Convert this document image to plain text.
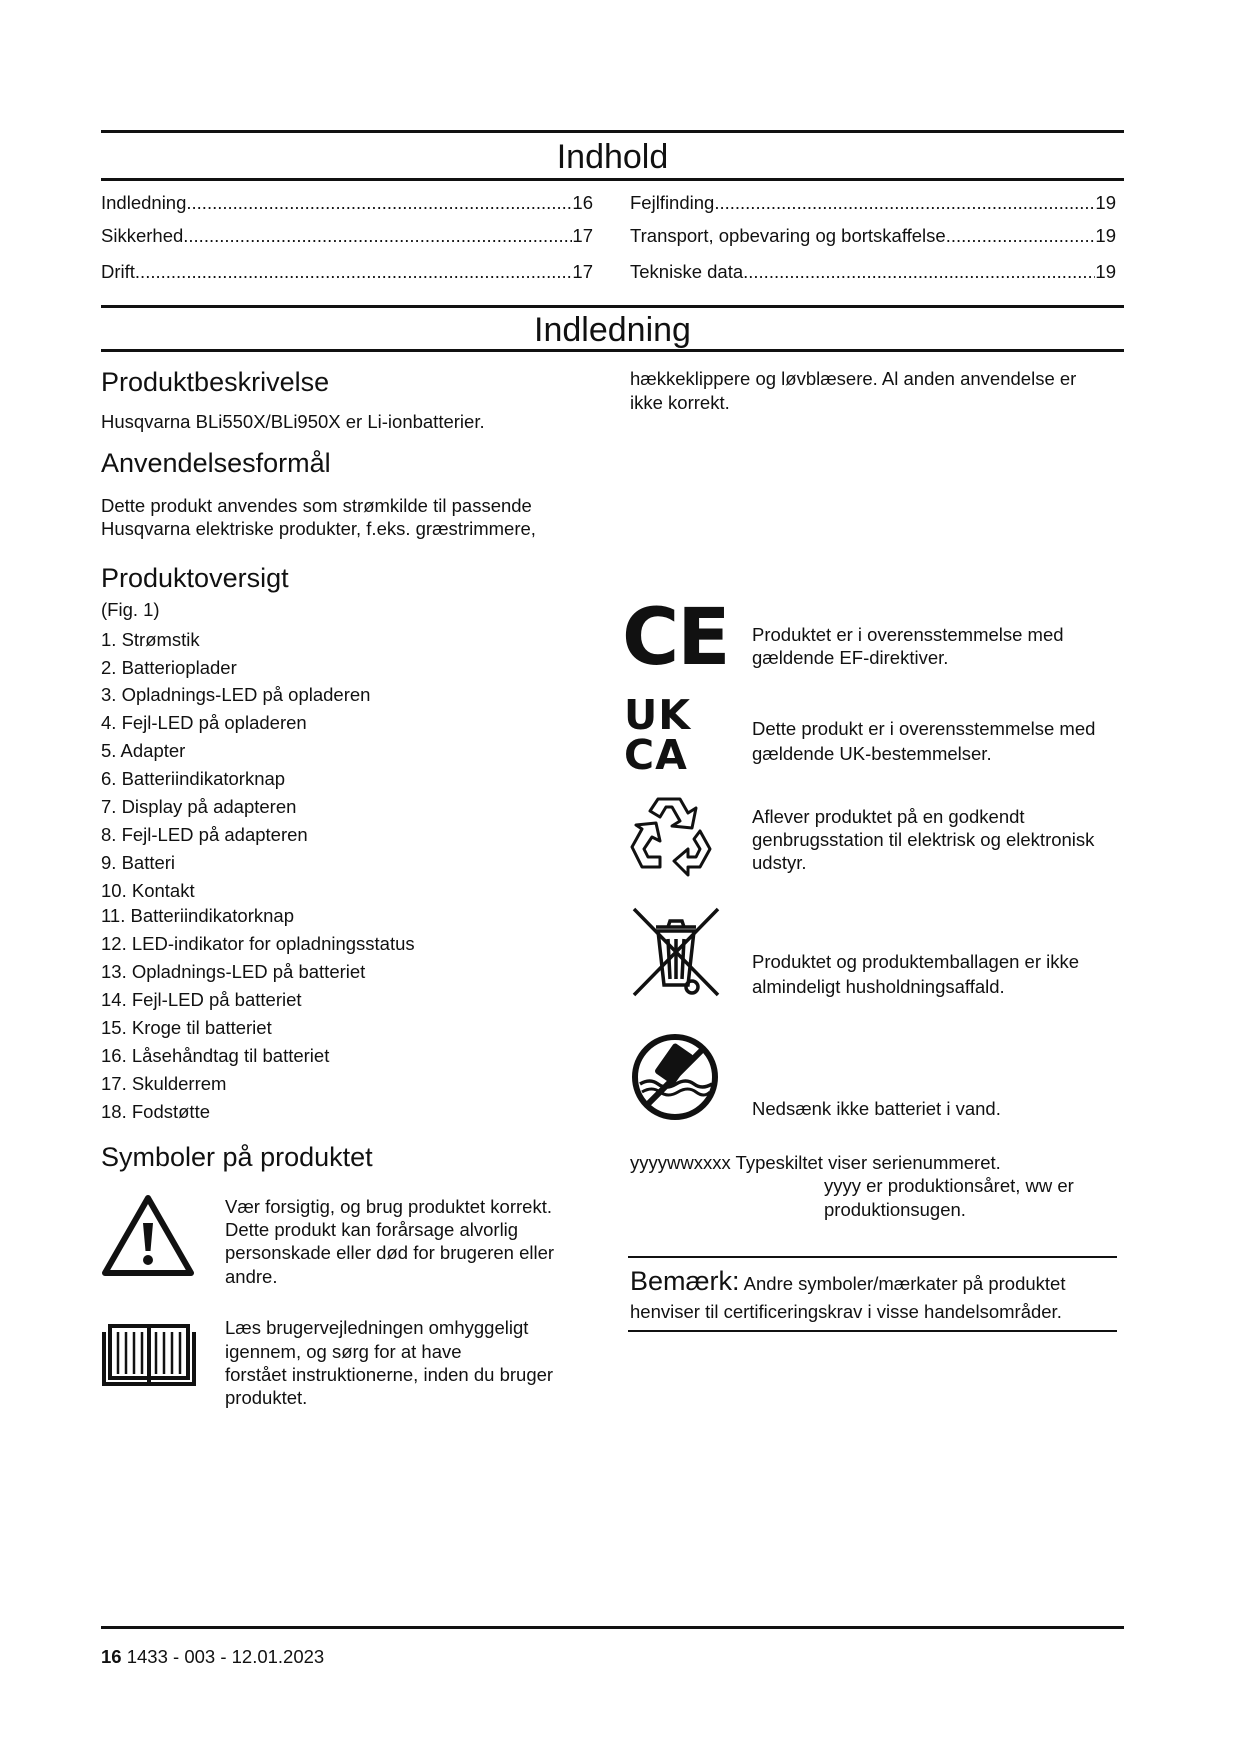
Indhold
Indledning .....	16
Sikkerhed .....	17
Drift .....	17
Fejlfinding .....	19
Transport, opbevaring og bortskaffelse .....	19
Tekniske data .....	19
Indledning
Produktbeskrivelse

Husqvarna BLi550X/BLi950X er Li-ionbatterier.

Anvendelsesformål

Dette produkt anvendes som strømkilde til passende

Husqvarna elektriske produkter, f.eks. græstrimmere,

hækkeklippere og løvblæsere. Al anden anvendelse er

ikke korrekt.

Produktoversigt

(Fig. 1)

1. Strømstik
2. Batterioplader
3. Opladnings-LED på opladeren
4. Fejl-LED på opladeren
5. Adapter
6. Batteriindikatorknap
7. Display på adapteren
8. Fejl-LED på adapteren
9. Batteri
10. Kontakt
11. Batteriindikatorknap
12. LED-indikator for opladningsstatus
13. Opladnings-LED på batteriet
14. Fejl-LED på batteriet
15. Kroge til batteriet
16. Låsehåndtag til batteriet
17. Skulderrem
18. Fodstøtte
Symboler på produktet

Vær forsigtig, og brug produktet korrekt.

Dette produkt kan forårsage alvorlig

personskade eller død for brugeren eller

andre.

Læs brugervejledningen omhyggeligt

igennem, og sørg for at have

forstået instruktionerne, inden du bruger

produktet.

CE Produktet er i overensstemmelse med

gældende EF-direktiver.

UK
CA

Dette produkt er i overensstemmelse med

gældende UK-bestemmelser.

Aflever produktet på en godkendt

genbrugsstation til elektrisk og elektronisk

udstyr.

Produktet og produktemballagen er ikke

almindeligt husholdningsaffald.

Nedsænk ikke batteriet i vand.

yyyywwxxxx Typeskiltet viser serienummeret.

yyyy er produktionsåret, ww er

produktionsugen.

Bemærk: Andre symboler/mærkater på produktet

henviser til certificeringskrav i visse handelsområder.

16 1433 - 003 - 12.01.2023
